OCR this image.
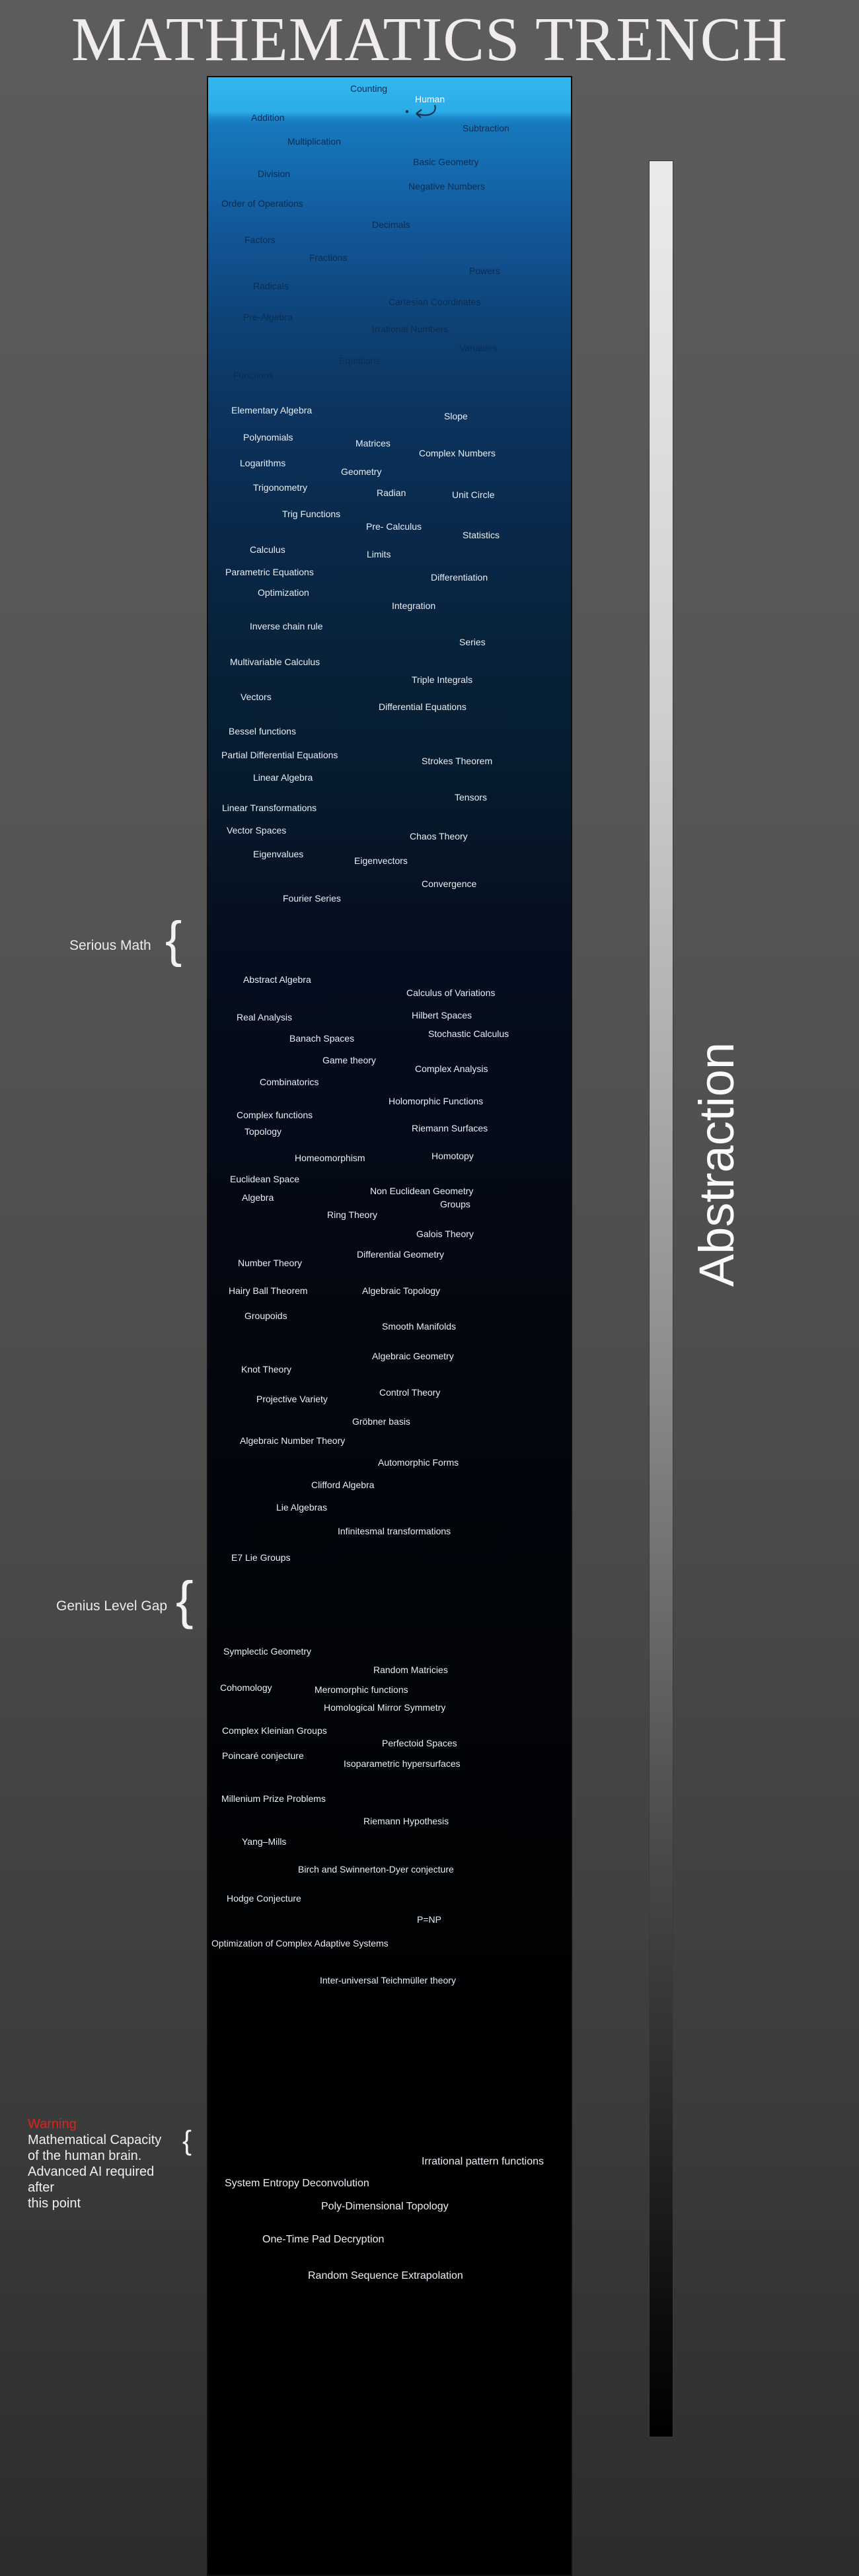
MATHEMATICS TRENCH
Counting
Addition
Subtraction
Multiplication
Basic Geometry
Division
Negative Numbers
Order of Operations
Decimals
Factors
Fractions
Powers
Radicals
Cartesian Coordinates
Pre-Algebra
Irrational Numbers
Variables
Equations
Functions
Elementary Algebra
Slope
Polynomials
Matrices
Complex Numbers
Logarithms
Geometry
Trigonometry	Radian	Unit Circle
Trig Functions
Pre- Calculus
Statistics
Calculus	Limits
Parametric Equations	Differentiation
Optimization
Integration
Inverse chain rule
Series
Multivariable Calculus
Triple Integrals
Vectors
Differential Equations
Bessel functions
Partial Differential Equations
Strokes Theorem
Linear Algebra
Tensors
Linear Transformations
Vector Spaces
Chaos Theory
Eigenvalues
Eigenvectors
Convergence
Fourier Series
Abstract Algebra
Calculus of Variations
Hilbert Spaces
Real Analysis
Stochastic Calculus
Banach Spaces
Game theory
Complex Analysis
Combinatorics
Holomorphic Functions
Complex functions
Riemann Surfaces
Topology
Homotopy
Homeomorphism
Euclidean Space
Non Euclidean Geometry
Algebra
Groups
Ring Theory
Galois Theory
Differential Geometry
Number Theory
Hairy Ball Theorem	Algebraic Topology
Groupoids
Smooth Manifolds
Algebraic Geometry
Knot Theory
Control Theory
Projective Variety
Gröbner basis
Algebraic Number Theory
Automorphic Forms
Clifford Algebra
Lie Algebras
Infinitesmal transformations
E7 Lie Groups
Symplectic Geometry
Random Matricies
Cohomology	Meromorphic functions
Homological Mirror Symmetry
Complex Kleinian Groups
Perfectoid Spaces
Poincaré conjecture
Isoparametric hypersurfaces
Millenium Prize Problems
Riemann Hypothesis
Yang–Mills
Birch and Swinnerton-Dyer conjecture
Hodge Conjecture
P=NP
Optimization of Complex Adaptive Systems
Inter-universal Teichmüller theory
Irrational pattern functions
System Entropy Deconvolution
Poly-Dimensional Topology
One-Time Pad Decryption
Random Sequence Extrapolation
Human
Serious Math {
Genius Level Gap {
Warning
Mathematical Capacity
of the human brain.
Advanced AI required after
this point
{
Abstraction
